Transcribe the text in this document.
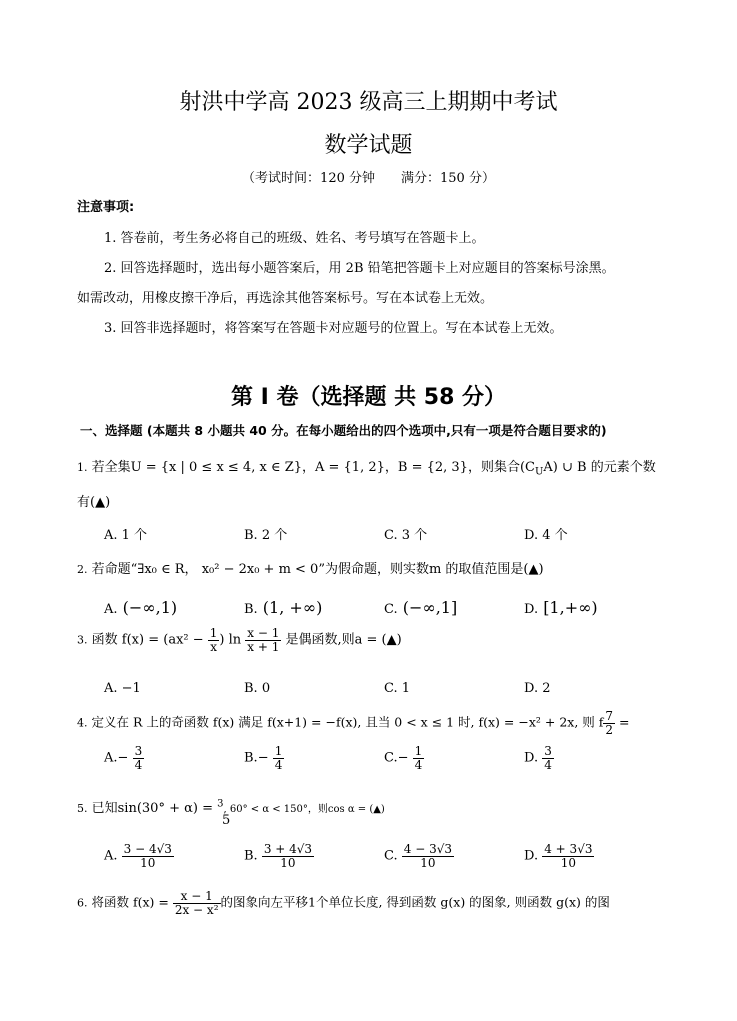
射洪中学高 2023 级高三上期期中考试
数学试题
（考试时间：120 分钟　　满分：150 分）
注意事项:
1. 答卷前，考生务必将自己的班级、姓名、考号填写在答题卡上。
2. 回答选择题时，选出每小题答案后，用 2B 铅笔把答题卡上对应题目的答案标号涂黑。
如需改动，用橡皮擦干净后，再选涂其他答案标号。写在本试卷上无效。
3. 回答非选择题时，将答案写在答题卡对应题号的位置上。写在本试卷上无效。
第 I 卷（选择题 共 58 分）
一、选择题 (本题共 8 小题共 40 分。在每小题给出的四个选项中,只有一项是符合题目要求的)
1. 若全集U = {x | 0 ≤ x ≤ 4, x ∈ Z}，A = {1, 2}，B = {2, 3}，则集合$(C_UA)$ ∪ B 的元素个数
有(▲)
A. 1 个	B. 2 个	C. 3 个	D. 4 个
2. 若命题“∃x₀ ∈ R， x₀² − 2x₀ + m < 0”为假命题，则实数m 的取值范围是(▲)
A. (−∞,1)	B. (1, +∞)	C. (−∞,1]	D. [1,+∞)
3. 函数 $f(x) = (ax^2 - \frac{1}{x}$ ) $\ln \frac{x - 1}{x + 1}$ 是偶函数,则a = (▲)
A. −1	B. 0	C. 1	D. 2
4. 定义在 R 上的奇函数 f(x) 满足 f(x+1) = −f(x), 且当 0 < x ≤ 1 时, f(x) = −x² + 2x, 则 f $\frac{7}{2}$ =
$A.- \frac{3}{4}$	$B.- \frac{1}{4}$	$C.- \frac{1}{4}$	D. $\frac{3}{4}$
5. 已知sin(30° + α) = $^3$, 60° < α < 150°，则cos α = (▲)
5
A. $\frac{3 - 4√3}{10}$	B. $\frac{3 + 4√3}{10}$	C. $\frac{4 - 3√3}{10}$	D. $\frac{4 + 3√3}{10}$
6. 将函数 $f(x) = \frac{x - 1}{\text{2x − x²}}$ 的图象向左平移1个单位长度, 得到函数 g(x) 的图象, 则函数 g(x) 的图
